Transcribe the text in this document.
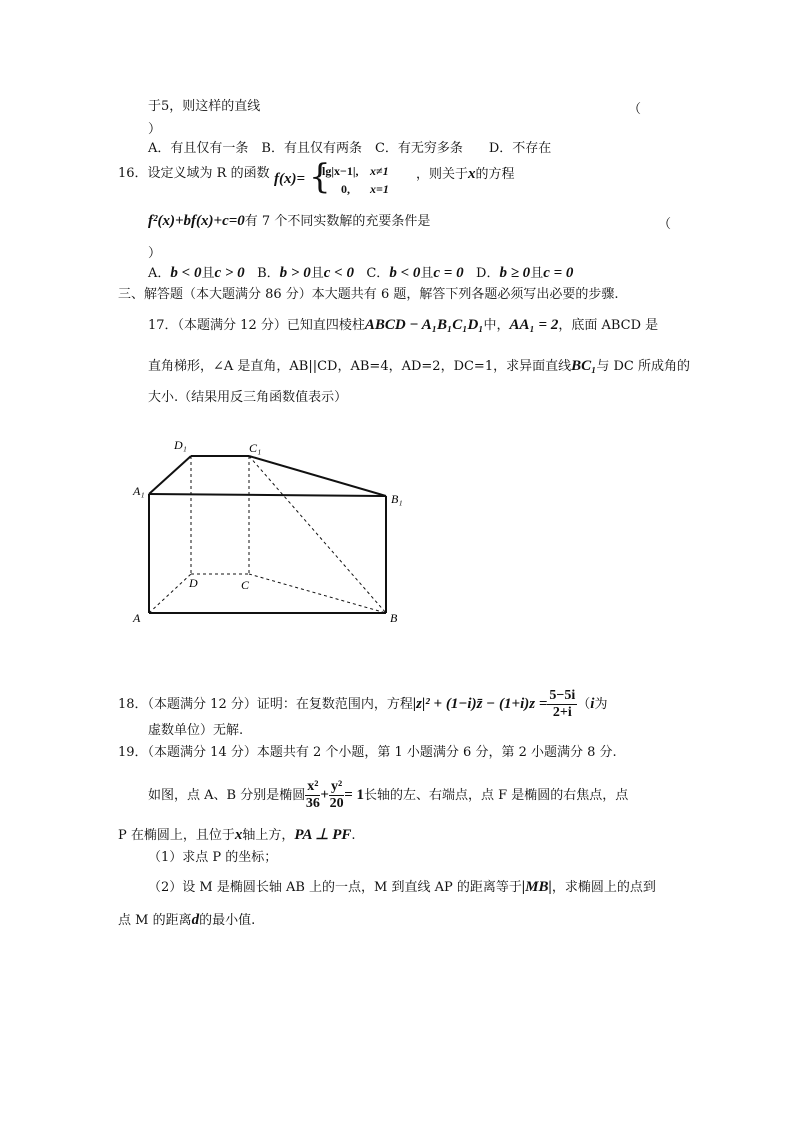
于5，则这样的直线	（
）
A．有且仅有一条　B．有且仅有两条　C．有无穷多条　　D．不存在
16．设定义域为 R 的函数 f(x)= {
lg|x−1|, x≠1
0, x=1
，则关于x的方程
f²(x)+bf(x)+c=0有 7 个不同实数解的充要条件是	（
）
A．b < 0且c > 0 B．b > 0且c < 0 C．b < 0且c = 0 D．b ≥ 0且c = 0
三、解答题（本大题满分 86 分）本大题共有 6 题，解答下列各题必须写出必要的步骤.
17．（本题满分 12 分）已知直四棱柱ABCD − A₁B₁C₁D₁中，AA₁ = 2，底面 ABCD 是
直角梯形，∠A 是直角，AB||CD，AB=4，AD=2，DC=1，求异面直线BC₁与 DC 所成角的
大小.（结果用反三角函数值表示）
D₁	C₁
A₁
B₁
D	C
A	B
18．（本题满分 12 分）证明：在复数范围内，方程|z|² + (1−i)z̄ − $(1+i)z = \frac{5-5i}{2+i} (i$为
虚数单位）无解.
19．（本题满分 14 分）本题共有 2 个小题，第 1 小题满分 6 分，第 2 小题满分 8 分.
如图，点 A、B 分别是椭圆 $\frac{\text{x²}}{36} + \frac{\text{y²}}{20} = 1$长轴的左、右端点，点 F 是椭圆的右焦点，点
P 在椭圆上，且位于x轴上方，PA ⊥ PF.
（1）求点 P 的坐标；
（2）设 M 是椭圆长轴 AB 上的一点，M 到直线 AP 的距离等于|MB|，求椭圆上的点到
点 M 的距离d的最小值.
